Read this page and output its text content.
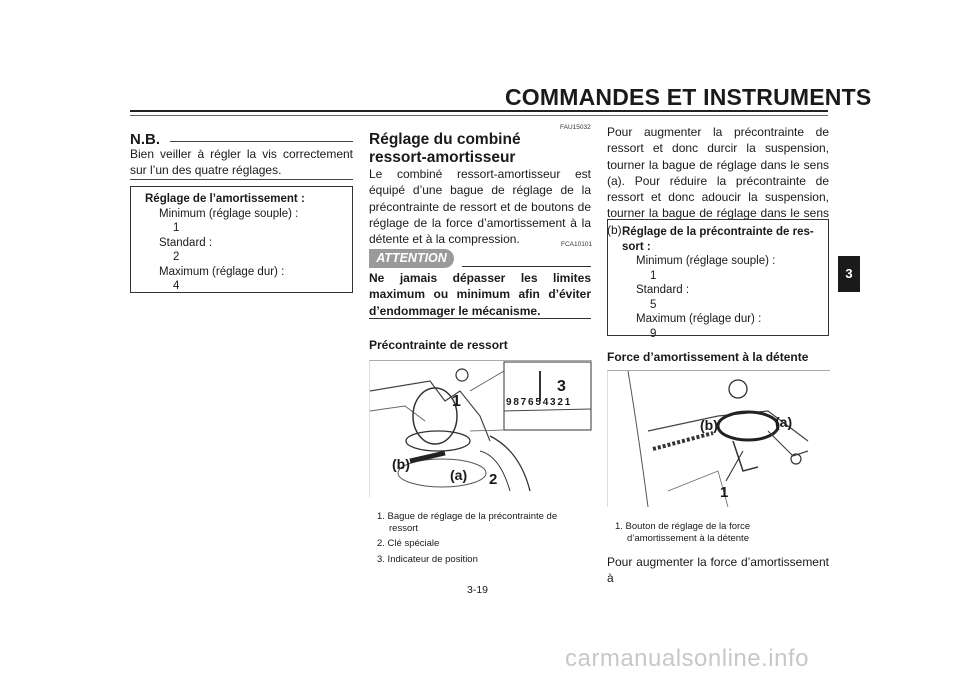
COMMANDES ET INSTRUMENTS
3
N.B.
Bien veiller à régler la vis correctement sur l’un des quatre réglages.
Réglage de l’amortissement :
Minimum (réglage souple) :
1
Standard :
2
Maximum (réglage dur) :
4
FAU15032
Réglage du combiné
ressort-amortisseur
Le combiné ressort-amortisseur est équipé d’une bague de réglage de la précontrainte de ressort et de boutons de réglage de la force d’amortissement à la détente et à la compression.	FCA10101
ATTENTION
Ne jamais dépasser les limites maximum ou minimum afin d’éviter d’endommager le mécanisme.
Précontrainte de ressort
9 8 7 6 5 4 3 2 1
3
1
(b)
(a) 2
1. Bague de réglage de la précontrainte de
ressort
2. Clé spéciale
3. Indicateur de position
Pour augmenter la précontrainte de ressort et donc durcir la suspension, tourner la bague de réglage dans le sens (a). Pour réduire la précontrainte de ressort et donc adoucir la suspension, tourner la bague de réglage dans le sens (b).
Réglage de la précontrainte de res-
sort :
Minimum (réglage souple) :
1
Standard :
5
Maximum (réglage dur) :
9
Force d’amortissement à la détente
(b)	(a)
1
1. Bouton de réglage de la force
d’amortissement à la détente
Pour augmenter la force d’amortissement à
3-19
carmanualsonline.info
